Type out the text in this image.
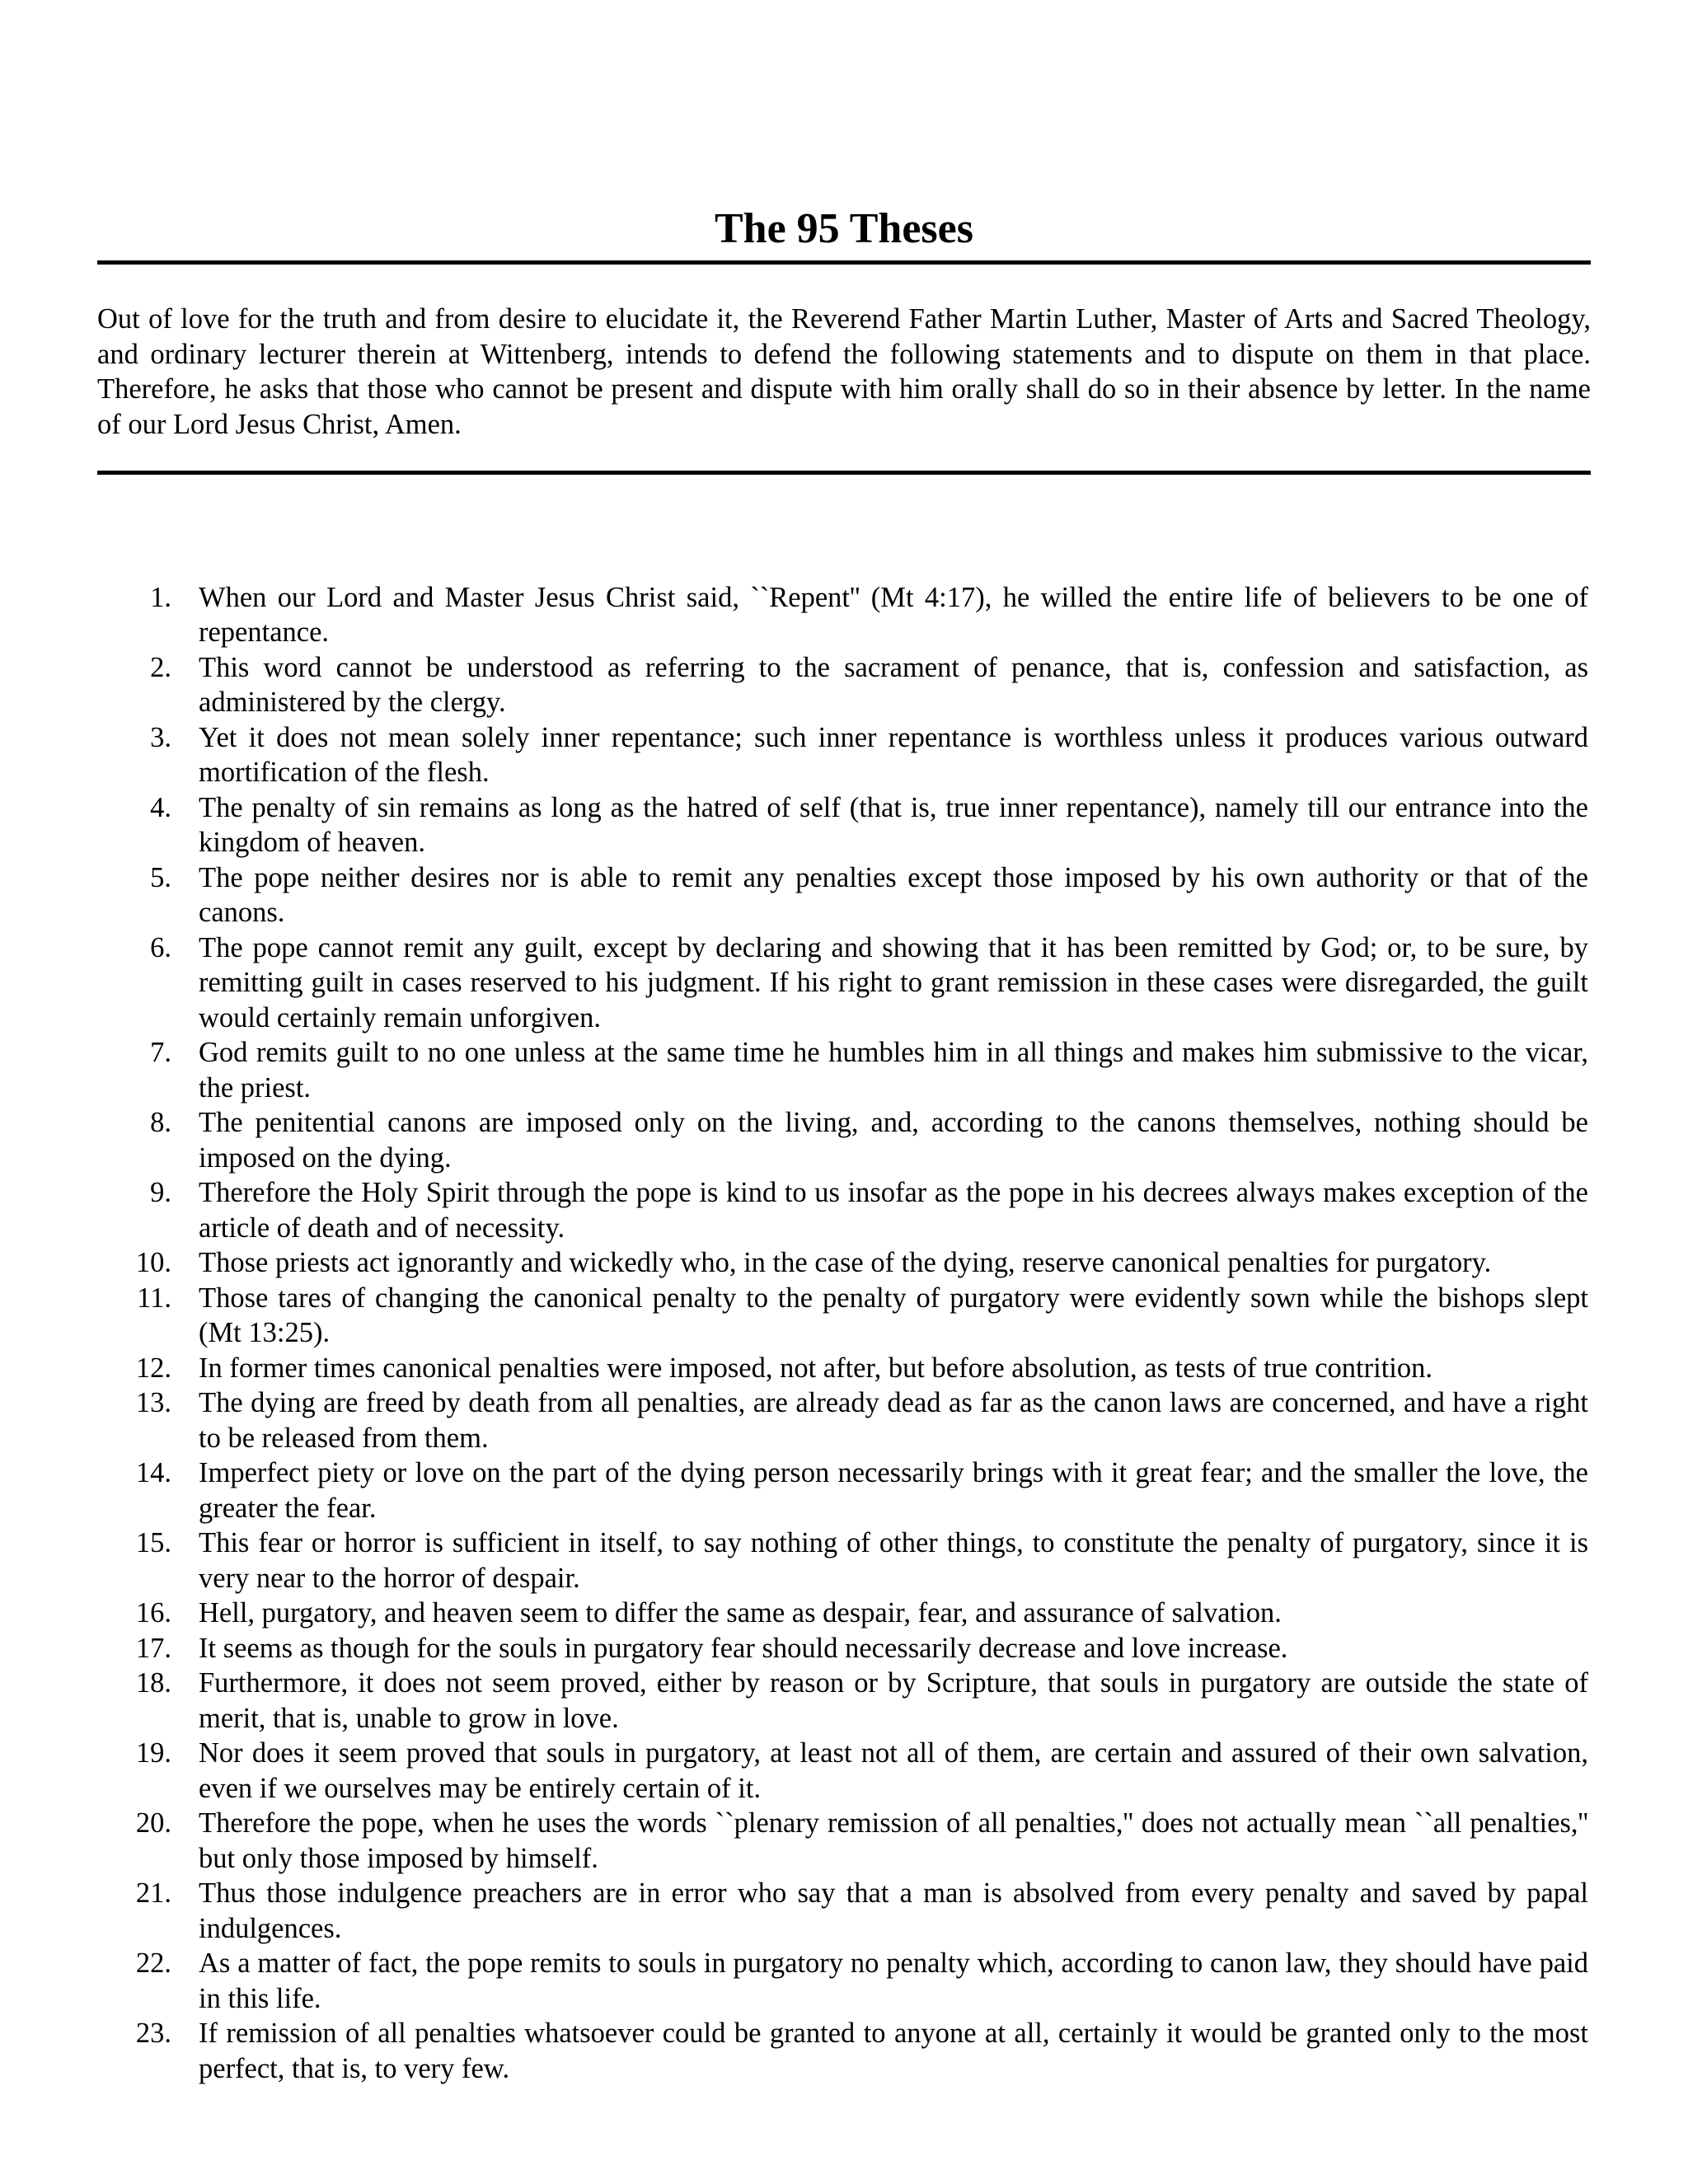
The 95 Theses

Out of love for the truth and from desire to elucidate it, the Reverend Father Martin Luther, Master of Arts and Sacred Theology, and ordinary lecturer therein at Wittenberg, intends to defend the following statements and to dispute on them in that place. Therefore, he asks that those who cannot be present and dispute with him orally shall do so in their absence by letter. In the name of our Lord Jesus Christ, Amen.

1. When our Lord and Master Jesus Christ said, ``Repent'' (Mt 4:17), he willed the entire life of believers to be one of repentance.
2. This word cannot be understood as referring to the sacrament of penance, that is, confession and satisfaction, as administered by the clergy.
3. Yet it does not mean solely inner repentance; such inner repentance is worthless unless it produces various outward mortification of the flesh.
4. The penalty of sin remains as long as the hatred of self (that is, true inner repentance), namely till our entrance into the kingdom of heaven.
5. The pope neither desires nor is able to remit any penalties except those imposed by his own authority or that of the canons.
6. The pope cannot remit any guilt, except by declaring and showing that it has been remitted by God; or, to be sure, by remitting guilt in cases reserved to his judgment. If his right to grant remission in these cases were disregarded, the guilt would certainly remain unforgiven.
7. God remits guilt to no one unless at the same time he humbles him in all things and makes him submissive to the vicar, the priest.
8. The penitential canons are imposed only on the living, and, according to the canons themselves, nothing should be imposed on the dying.
9. Therefore the Holy Spirit through the pope is kind to us insofar as the pope in his decrees always makes exception of the article of death and of necessity.
10. Those priests act ignorantly and wickedly who, in the case of the dying, reserve canonical penalties for purgatory.
11. Those tares of changing the canonical penalty to the penalty of purgatory were evidently sown while the bishops slept (Mt 13:25).
12. In former times canonical penalties were imposed, not after, but before absolution, as tests of true contrition.
13. The dying are freed by death from all penalties, are already dead as far as the canon laws are concerned, and have a right to be released from them.
14. Imperfect piety or love on the part of the dying person necessarily brings with it great fear; and the smaller the love, the greater the fear.
15. This fear or horror is sufficient in itself, to say nothing of other things, to constitute the penalty of purgatory, since it is very near to the horror of despair.
16. Hell, purgatory, and heaven seem to differ the same as despair, fear, and assurance of salvation.
17. It seems as though for the souls in purgatory fear should necessarily decrease and love increase.
18. Furthermore, it does not seem proved, either by reason or by Scripture, that souls in purgatory are outside the state of merit, that is, unable to grow in love.
19. Nor does it seem proved that souls in purgatory, at least not all of them, are certain and assured of their own salvation, even if we ourselves may be entirely certain of it.
20. Therefore the pope, when he uses the words ``plenary remission of all penalties,'' does not actually mean ``all penalties,'' but only those imposed by himself.
21. Thus those indulgence preachers are in error who say that a man is absolved from every penalty and saved by papal indulgences.
22. As a matter of fact, the pope remits to souls in purgatory no penalty which, according to canon law, they should have paid in this life.
23. If remission of all penalties whatsoever could be granted to anyone at all, certainly it would be granted only to the most perfect, that is, to very few.
